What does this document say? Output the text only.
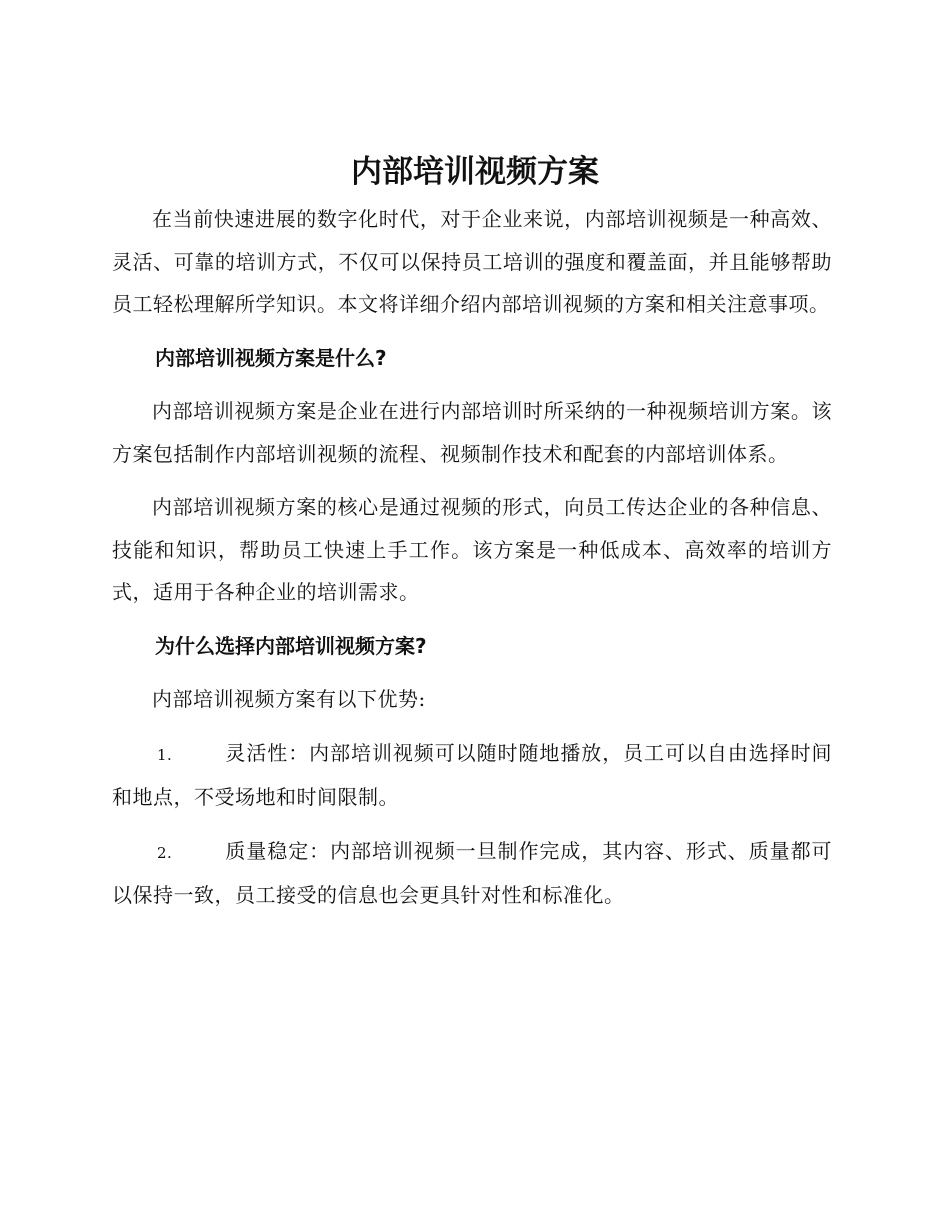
内部培训视频方案

在当前快速进展的数字化时代，对于企业来说，内部培训视频是一种高效、灵活、可靠的培训方式，不仅可以保持员工培训的强度和覆盖面，并且能够帮助员工轻松理解所学知识。本文将详细介绍内部培训视频的方案和相关注意事项。

内部培训视频方案是什么?

内部培训视频方案是企业在进行内部培训时所采纳的一种视频培训方案。该方案包括制作内部培训视频的流程、视频制作技术和配套的内部培训体系。

内部培训视频方案的核心是通过视频的形式，向员工传达企业的各种信息、技能和知识，帮助员工快速上手工作。该方案是一种低成本、高效率的培训方式，适用于各种企业的培训需求。

为什么选择内部培训视频方案?

内部培训视频方案有以下优势:

1.	灵活性：内部培训视频可以随时随地播放，员工可以自由选择时间和地点，不受场地和时间限制。
2.	质量稳定：内部培训视频一旦制作完成，其内容、形式、质量都可以保持一致，员工接受的信息也会更具针对性和标准化。
